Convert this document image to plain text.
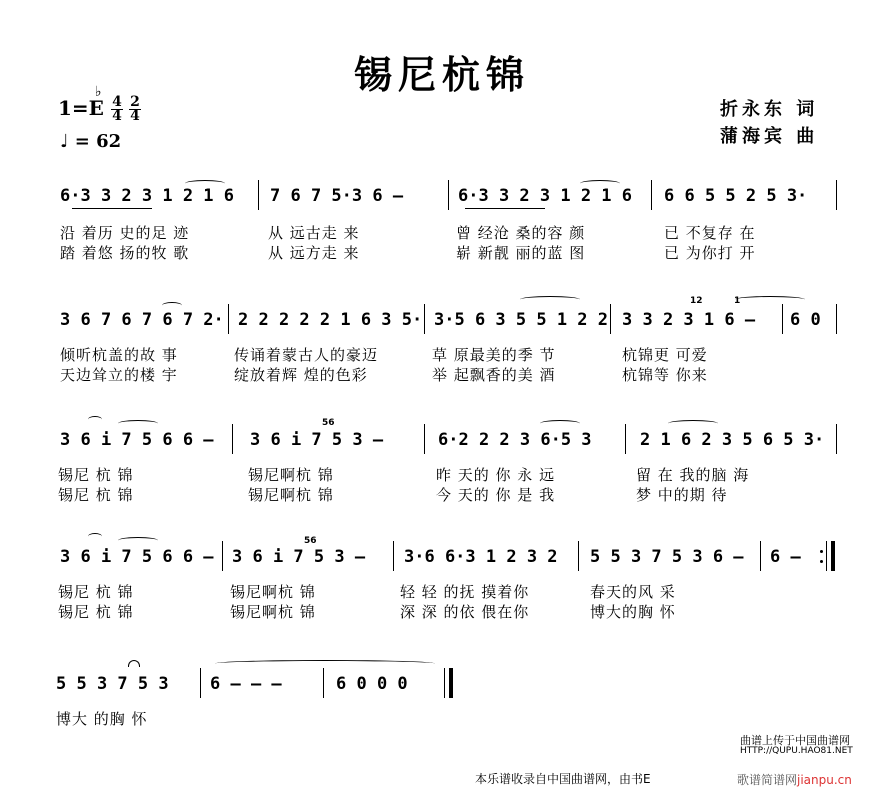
锡尼杭锦
♭
1=E 4
4
2
4
♩ = 62
折永东 词
蒲海宾 曲
6·3 3 2 3 1 2 1 6 7 6 7 5·3 6 –	6·3 3 2 3 1 2 1 6 6 6 5 5 2 5 3·
沿 着历 史的足 迹	从 远古走 来	曾 经沧 桑的容 颜	已 不复存 在
踏 着悠 扬的牧 歌	从 远方走 来	崭 新靓 丽的蓝 图	已 为你打 开
3 6 7 6 7 6 7 2· 2 2 2 2 2 1 6 3 5· 3·5 6 3 5 5 1 2 2 3 3 2 3 1 6 – 6 0
12	1
倾听杭盖的故 事	传诵着蒙古人的豪迈	草 原最美的季 节	杭锦更 可爱
天边耸立的楼 宇	绽放着辉 煌的色彩	举 起飘香的美 酒	杭锦等 你来
3 6 i 7 5 6 6 – 3 6 i 7 5 3 –	6·2 2 2 3 6·5 3	2 1 6 2 3 5 6 5 3·
56
锡尼 杭 锦	锡尼啊杭 锦	昨 天的 你 永 远	留 在 我的脑 海
锡尼 杭 锦	锡尼啊杭 锦	今 天的 你 是 我	梦 中的期 待
3 6 i 7 5 6 6 – 3 6 i 7 5 3 – 3·6 6·3 1 2 3 2 5 5 3 7 5 3 6 – 6 –
56
锡尼 杭 锦	锡尼啊杭 锦	轻 轻 的抚 摸着你	春天的风 采
锡尼 杭 锦	锡尼啊杭 锦	深 深 的依 偎在你	博大的胸 怀
5 5 3 7 5 3 6 – – –	6 0 0 0
博大 的胸 怀
曲谱上传于中国曲谱网
HTTP://QUPU.HAO81.NET
本乐谱收录自中国曲谱网，由书E	歌谱简谱网jianpu.cn
